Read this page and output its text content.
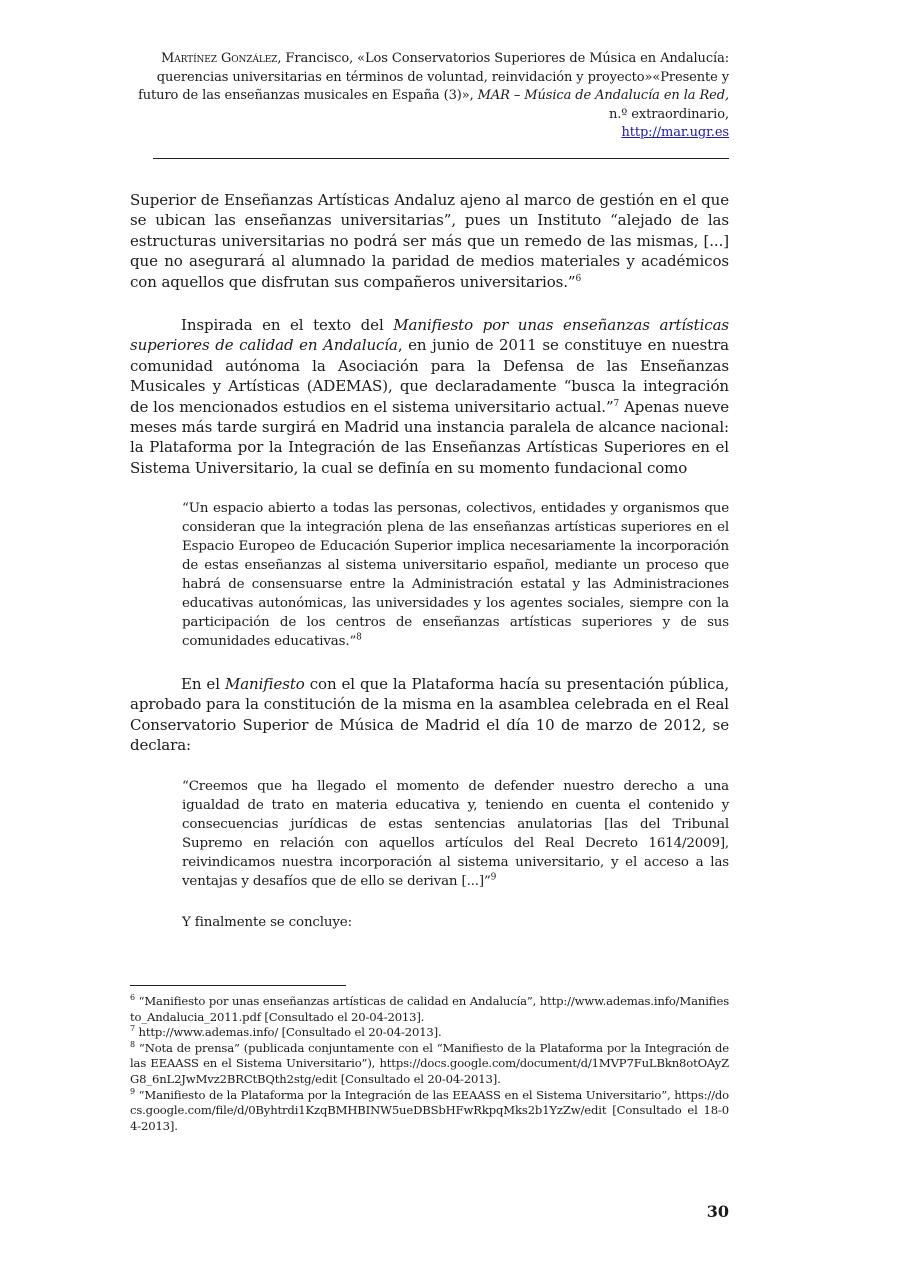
Martínez González, Francisco, «Los Conservatorios Superiores de Música en Andalucía: querencias universitarias en términos de voluntad, reinvidación y proyecto»«Presente y futuro de las enseñanzas musicales en España (3)», MAR – Música de Andalucía en la Red, n.º extraordinario,
http://mar.ugr.es

Superior de Enseñanzas Artísticas Andaluz ajeno al marco de gestión en el que se ubican las enseñanzas universitarias”, pues un Instituto “alejado de las estructuras universitarias no podrá ser más que un remedo de las mismas, [...] que no asegurará al alumnado la paridad de medios materiales y académicos con aquellos que disfrutan sus compañeros universitarios.”$^6$

Inspirada en el texto del Manifiesto por unas enseñanzas artísticas superiores de calidad en Andalucía, en junio de 2011 se constituye en nuestra comunidad autónoma la Asociación para la Defensa de las Enseñanzas Musicales y Artísticas (ADEMAS), que declaradamente “busca la integración de los mencionados estudios en el sistema universitario actual.”$^7$ Apenas nueve meses más tarde surgirá en Madrid una instancia paralela de alcance nacional: la Plataforma por la Integración de las Enseñanzas Artísticas Superiores en el Sistema Universitario, la cual se definía en su momento fundacional como

“Un espacio abierto a todas las personas, colectivos, entidades y organismos que consideran que la integración plena de las enseñanzas artísticas superiores en el Espacio Europeo de Educación Superior implica necesariamente la incorporación de estas enseñanzas al sistema universitario español, mediante un proceso que habrá de consensuarse entre la Administración estatal y las Administraciones educativas autonómicas, las universidades y los agentes sociales, siempre con la participación de los centros de enseñanzas artísticas superiores y de sus comunidades educativas.”$^8$

En el Manifiesto con el que la Plataforma hacía su presentación pública, aprobado para la constitución de la misma en la asamblea celebrada en el Real Conservatorio Superior de Música de Madrid el día 10 de marzo de 2012, se declara:

“Creemos que ha llegado el momento de defender nuestro derecho a una igualdad de trato en materia educativa y, teniendo en cuenta el contenido y consecuencias jurídicas de estas sentencias anulatorias [las del Tribunal Supremo en relación con aquellos artículos del Real Decreto 1614/2009], reivindicamos nuestra incorporación al sistema universitario, y el acceso a las ventajas y desafíos que de ello se derivan [...]”$^9$
Y finalmente se concluye:

$^6$ “Manifiesto por unas enseñanzas artísticas de calidad en Andalucía”, http://www.ademas.info/Manifiesto_Andalucia_2011.pdf [Consultado el 20-04-2013].

$^7$ http://www.ademas.info/ [Consultado el 20-04-2013].

$^8$ “Nota de prensa” (publicada conjuntamente con el “Manifiesto de la Plataforma por la Integración de las EEAASS en el Sistema Universitario”), https://docs.google.com/document/d/1MVP7FuLBkn8otOAyZG8_6nL2JwMvz2BRCtBQth2stg/edit [Consultado el 20-04-2013].

$^9$ “Manifiesto de la Plataforma por la Integración de las EEAASS en el Sistema Universitario”, https://docs.google.com/file/d/0Byhtrdi1KzqBMHBINW5ueDBSbHFwRkpqMks2b1YzZw/edit [Consultado el 18-04-2013].

30
